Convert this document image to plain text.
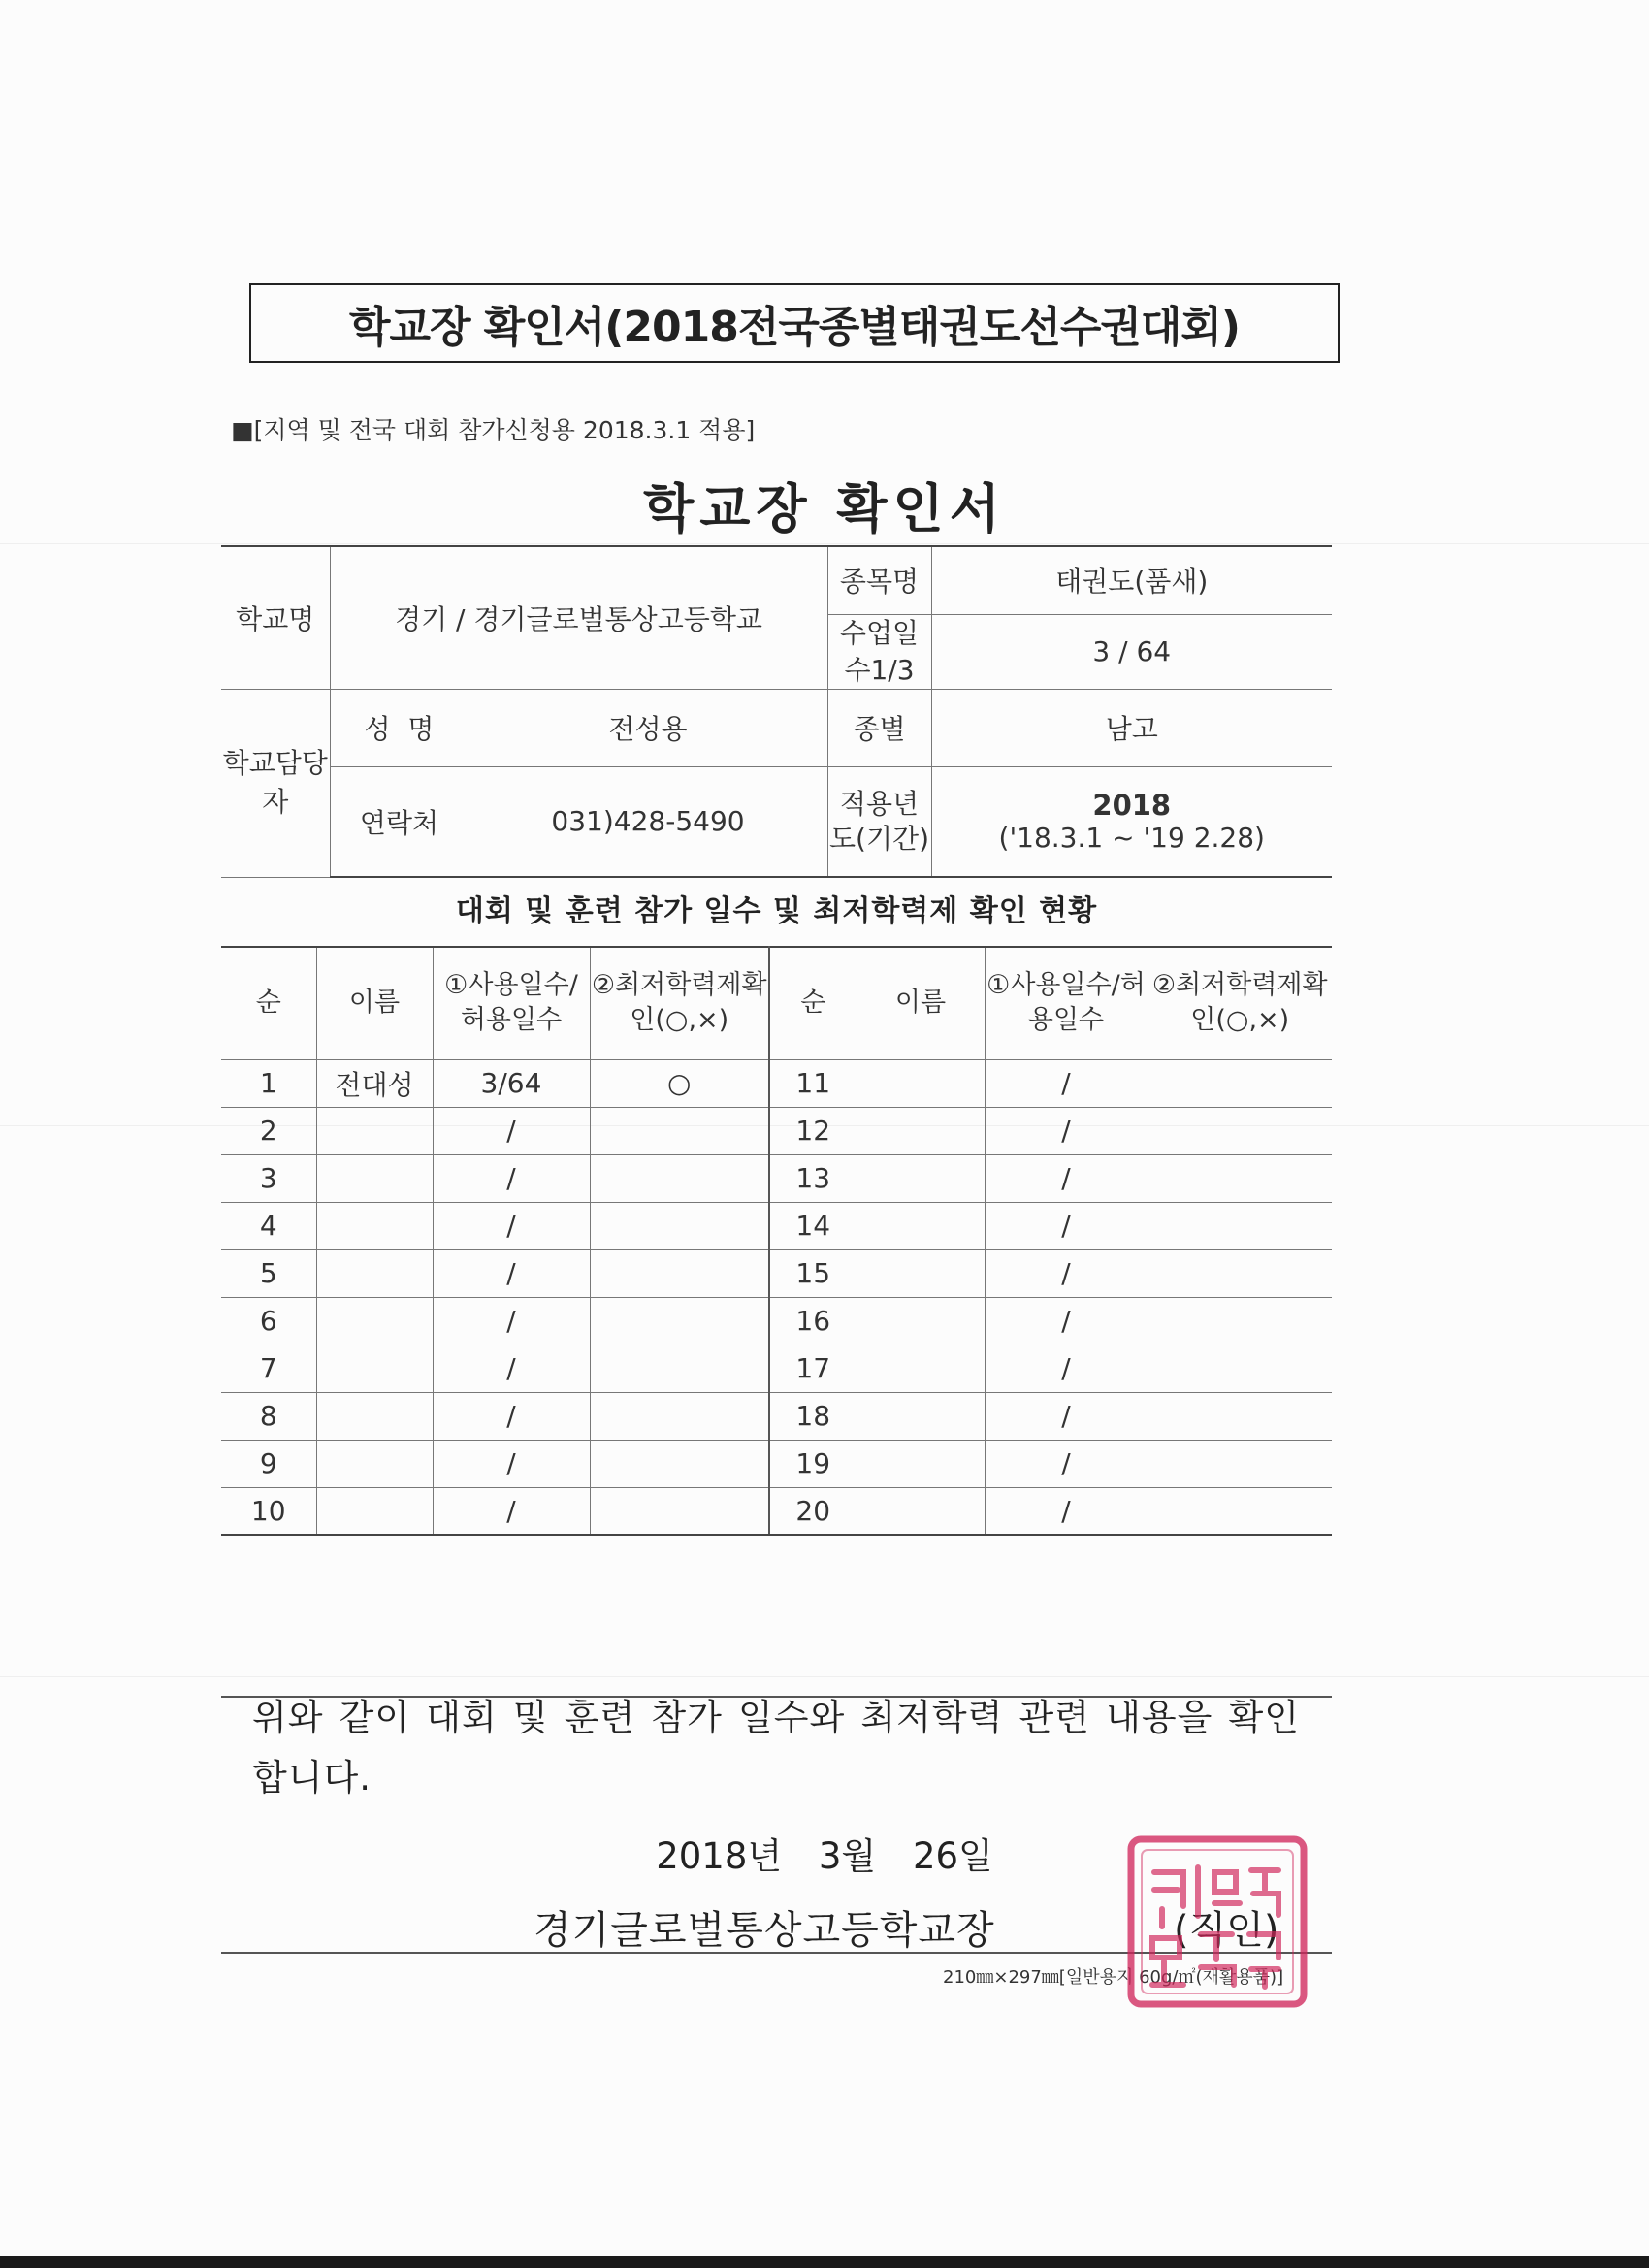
학교장 확인서(2018전국종별태권도선수권대회)
■[지역 및 전국 대회 참가신청용 2018.3.1 적용]
학교장 확인서
학교명	경기 / 경기글로벌통상고등학교		종목명	태권도(품새)
			수업일수1/3	3 / 64
학교담당자	성  명	전성용	종별	남고
	연락처	031)428-5490	적용년도(기간)	2018
('18.3.1 ~ '19 2.28)
대회 및 훈련 참가 일수 및 최저학력제 확인 현황
순	이름	①사용일수/허용일수	②최저학력제확인(○,×)	순	이름	①사용일수/허용일수	②최저학력제확인(○,×)
1	전대성	3/64	○	11		/	
2		/		12		/	
3		/		13		/	
4		/		14		/	
5		/		15		/	
6		/		16		/	
7		/		17		/	
8		/		18		/	
9		/		19		/	
10		/		20		/	
위와 같이 대회 및 훈련 참가 일수와 최저학력 관련 내용을 확인합니다.
2018년 3월 26일
경기글로벌통상고등학교장	(직인)
210㎜×297㎜[일반용지 60g/㎡(재활용품)]
